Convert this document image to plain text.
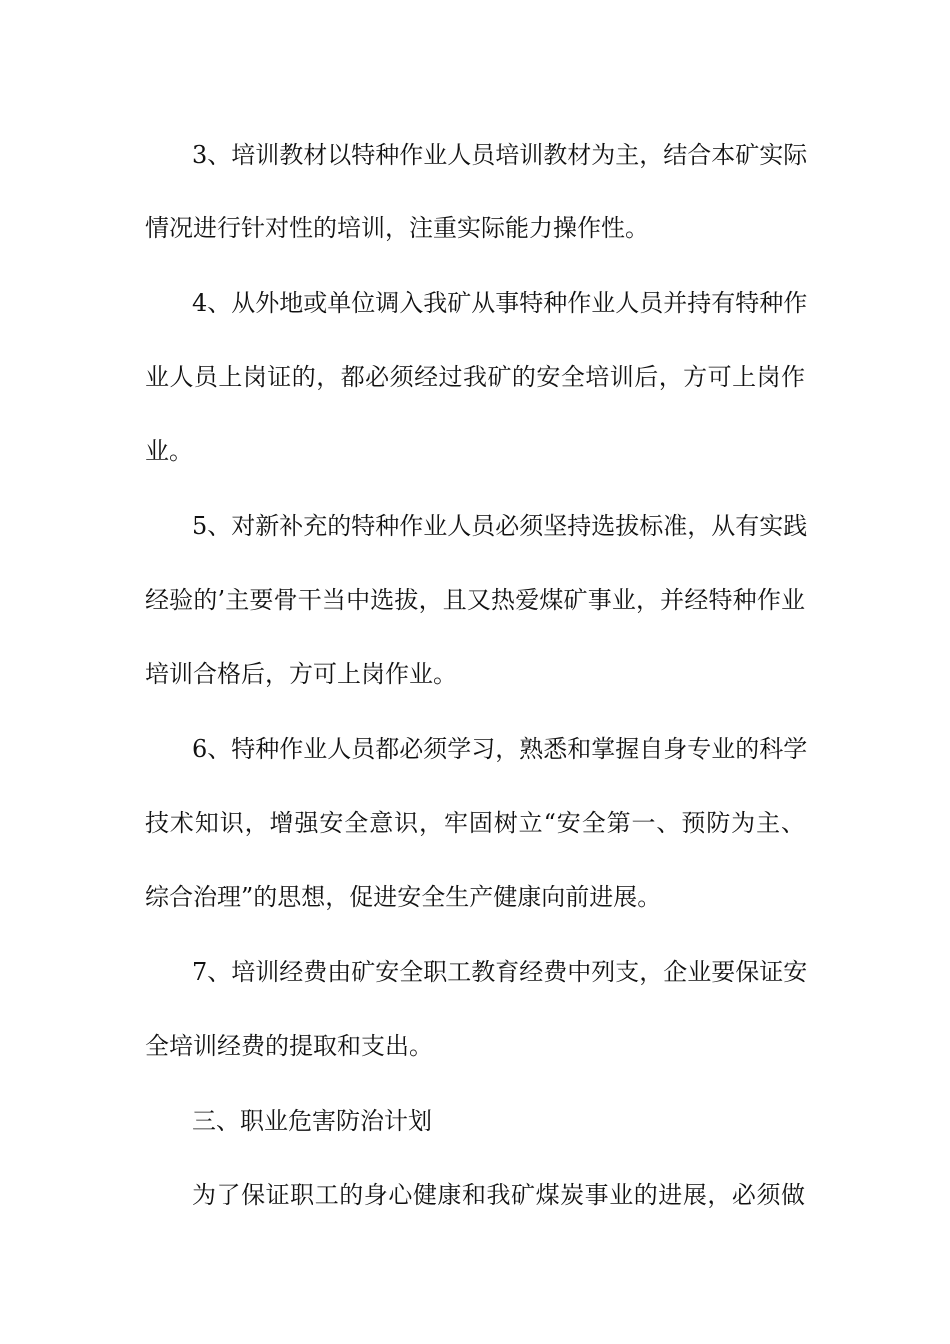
3、培训教材以特种作业人员培训教材为主，结合本矿实际

情况进行针对性的培训，注重实际能力操作性。

4、从外地或单位调入我矿从事特种作业人员并持有特种作

业人员上岗证的，都必须经过我矿的安全培训后，方可上岗作

业。

5、对新补充的特种作业人员必须坚持选拔标准，从有实践

经验的’主要骨干当中选拔，且又热爱煤矿事业，并经特种作业

培训合格后，方可上岗作业。

6、特种作业人员都必须学习，熟悉和掌握自身专业的科学

技术知识，增强安全意识，牢固树立“安全第一、预防为主、

综合治理”的思想，促进安全生产健康向前进展。

7、培训经费由矿安全职工教育经费中列支，企业要保证安

全培训经费的提取和支出。

三、职业危害防治计划

为了保证职工的身心健康和我矿煤炭事业的进展，必须做
